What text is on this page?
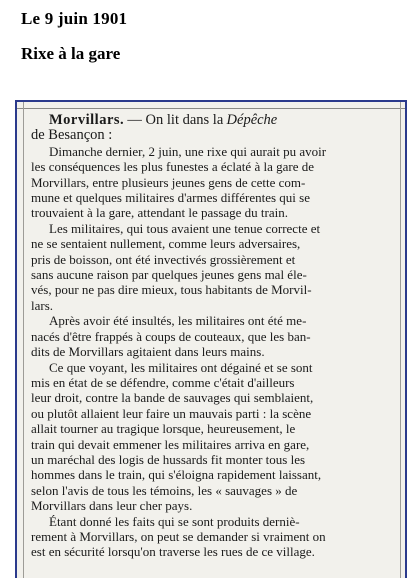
Le 9 juin 1901
Rixe à la gare
Morvillars. — On lit dans la Dépêche
de Besançon :
Dimanche dernier, 2 juin, une rixe qui aurait pu avoir
les conséquences les plus funestes a éclaté à la gare de
Morvillars, entre plusieurs jeunes gens de cette com-
mune et quelques militaires d'armes différentes qui se
trouvaient à la gare, attendant le passage du train.
Les militaires, qui tous avaient une tenue correcte et
ne se sentaient nullement, comme leurs adversaires,
pris de boisson, ont été invectivés grossièrement et
sans aucune raison par quelques jeunes gens mal éle-
vés, pour ne pas dire mieux, tous habitants de Morvil-
lars.
Après avoir été insultés, les militaires ont été me-
nacés d'être frappés à coups de couteaux, que les ban-
dits de Morvillars agitaient dans leurs mains.
Ce que voyant, les militaires ont dégainé et se sont
mis en état de se défendre, comme c'était d'ailleurs
leur droit, contre la bande de sauvages qui semblaient,
ou plutôt allaient leur faire un mauvais parti : la scène
allait tourner au tragique lorsque, heureusement, le
train qui devait emmener les militaires arriva en gare,
un maréchal des logis de hussards fit monter tous les
hommes dans le train, qui s'éloigna rapidement laissant,
selon l'avis de tous les témoins, les « sauvages » de
Morvillars dans leur cher pays.
Étant donné les faits qui se sont produits derniè-
rement à Morvillars, on peut se demander si vraiment on
est en sécurité lorsqu'on traverse les rues de ce village.
